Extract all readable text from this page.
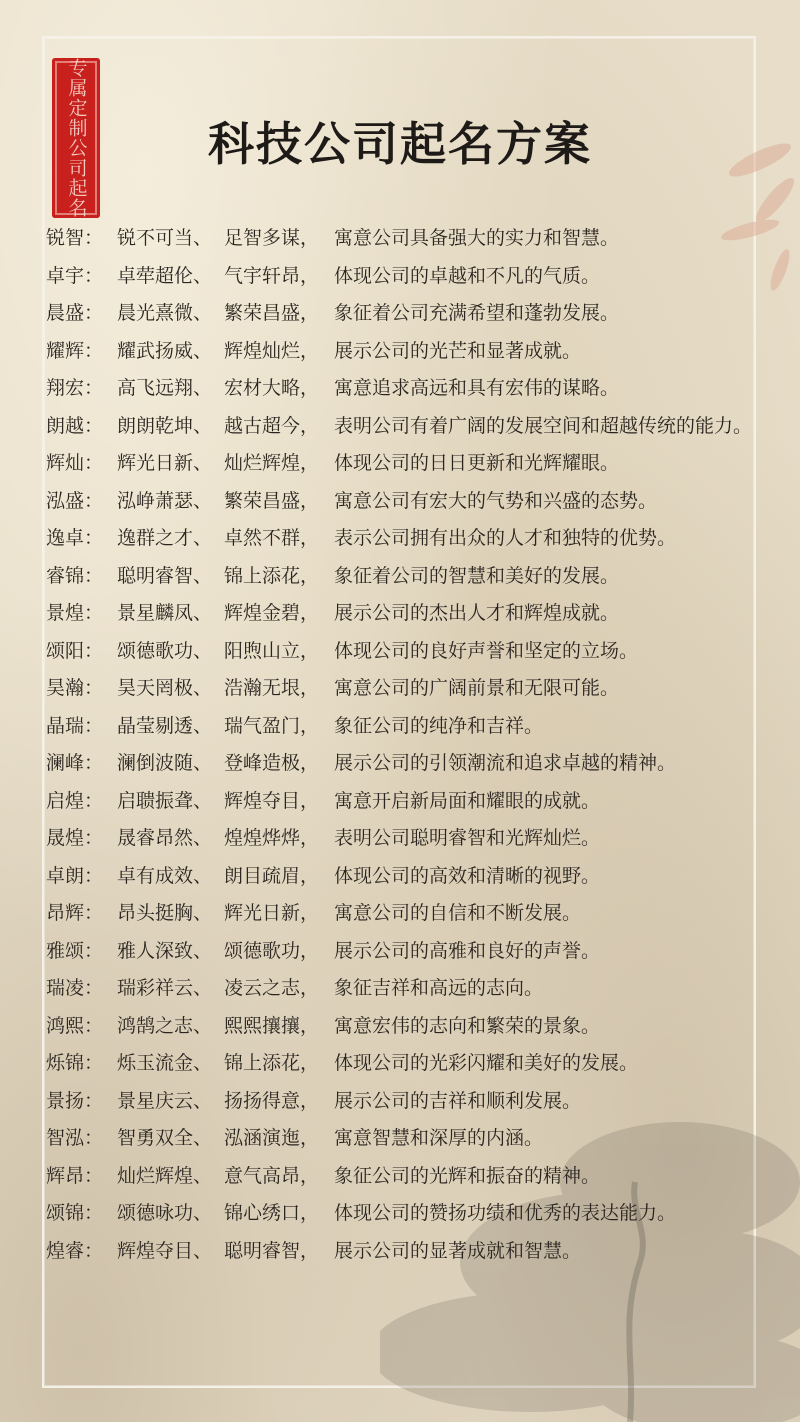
专属定制公司起名	科技公司起名方案
锐智： 锐不可当、 足智多谋， 寓意公司具备强大的实力和智慧。
卓宇： 卓荦超伦、 气宇轩昂， 体现公司的卓越和不凡的气质。
晨盛： 晨光熹微、 繁荣昌盛， 象征着公司充满希望和蓬勃发展。
耀辉： 耀武扬威、 辉煌灿烂， 展示公司的光芒和显著成就。
翔宏： 高飞远翔、 宏材大略， 寓意追求高远和具有宏伟的谋略。
朗越： 朗朗乾坤、 越古超今， 表明公司有着广阔的发展空间和超越传统的能力。
辉灿： 辉光日新、 灿烂辉煌， 体现公司的日日更新和光辉耀眼。
泓盛： 泓峥萧瑟、 繁荣昌盛， 寓意公司有宏大的气势和兴盛的态势。
逸卓： 逸群之才、 卓然不群， 表示公司拥有出众的人才和独特的优势。
睿锦： 聪明睿智、 锦上添花， 象征着公司的智慧和美好的发展。
景煌： 景星麟凤、 辉煌金碧， 展示公司的杰出人才和辉煌成就。
颂阳： 颂德歌功、 阳煦山立， 体现公司的良好声誉和坚定的立场。
昊瀚： 昊天罔极、 浩瀚无垠， 寓意公司的广阔前景和无限可能。
晶瑞： 晶莹剔透、 瑞气盈门， 象征公司的纯净和吉祥。
澜峰： 澜倒波随、 登峰造极， 展示公司的引领潮流和追求卓越的精神。
启煌： 启聩振聋、 辉煌夺目， 寓意开启新局面和耀眼的成就。
晟煌： 晟睿昂然、 煌煌烨烨， 表明公司聪明睿智和光辉灿烂。
卓朗： 卓有成效、 朗目疏眉， 体现公司的高效和清晰的视野。
昂辉： 昂头挺胸、 辉光日新， 寓意公司的自信和不断发展。
雅颂： 雅人深致、 颂德歌功， 展示公司的高雅和良好的声誉。
瑞凌： 瑞彩祥云、 凌云之志， 象征吉祥和高远的志向。
鸿熙： 鸿鹄之志、 熙熙攘攘， 寓意宏伟的志向和繁荣的景象。
烁锦： 烁玉流金、 锦上添花， 体现公司的光彩闪耀和美好的发展。
景扬： 景星庆云、 扬扬得意， 展示公司的吉祥和顺利发展。
智泓： 智勇双全、 泓涵演迤， 寓意智慧和深厚的内涵。
辉昂： 灿烂辉煌、 意气高昂， 象征公司的光辉和振奋的精神。
颂锦： 颂德咏功、 锦心绣口， 体现公司的赞扬功绩和优秀的表达能力。
煌睿： 辉煌夺目、 聪明睿智， 展示公司的显著成就和智慧。
